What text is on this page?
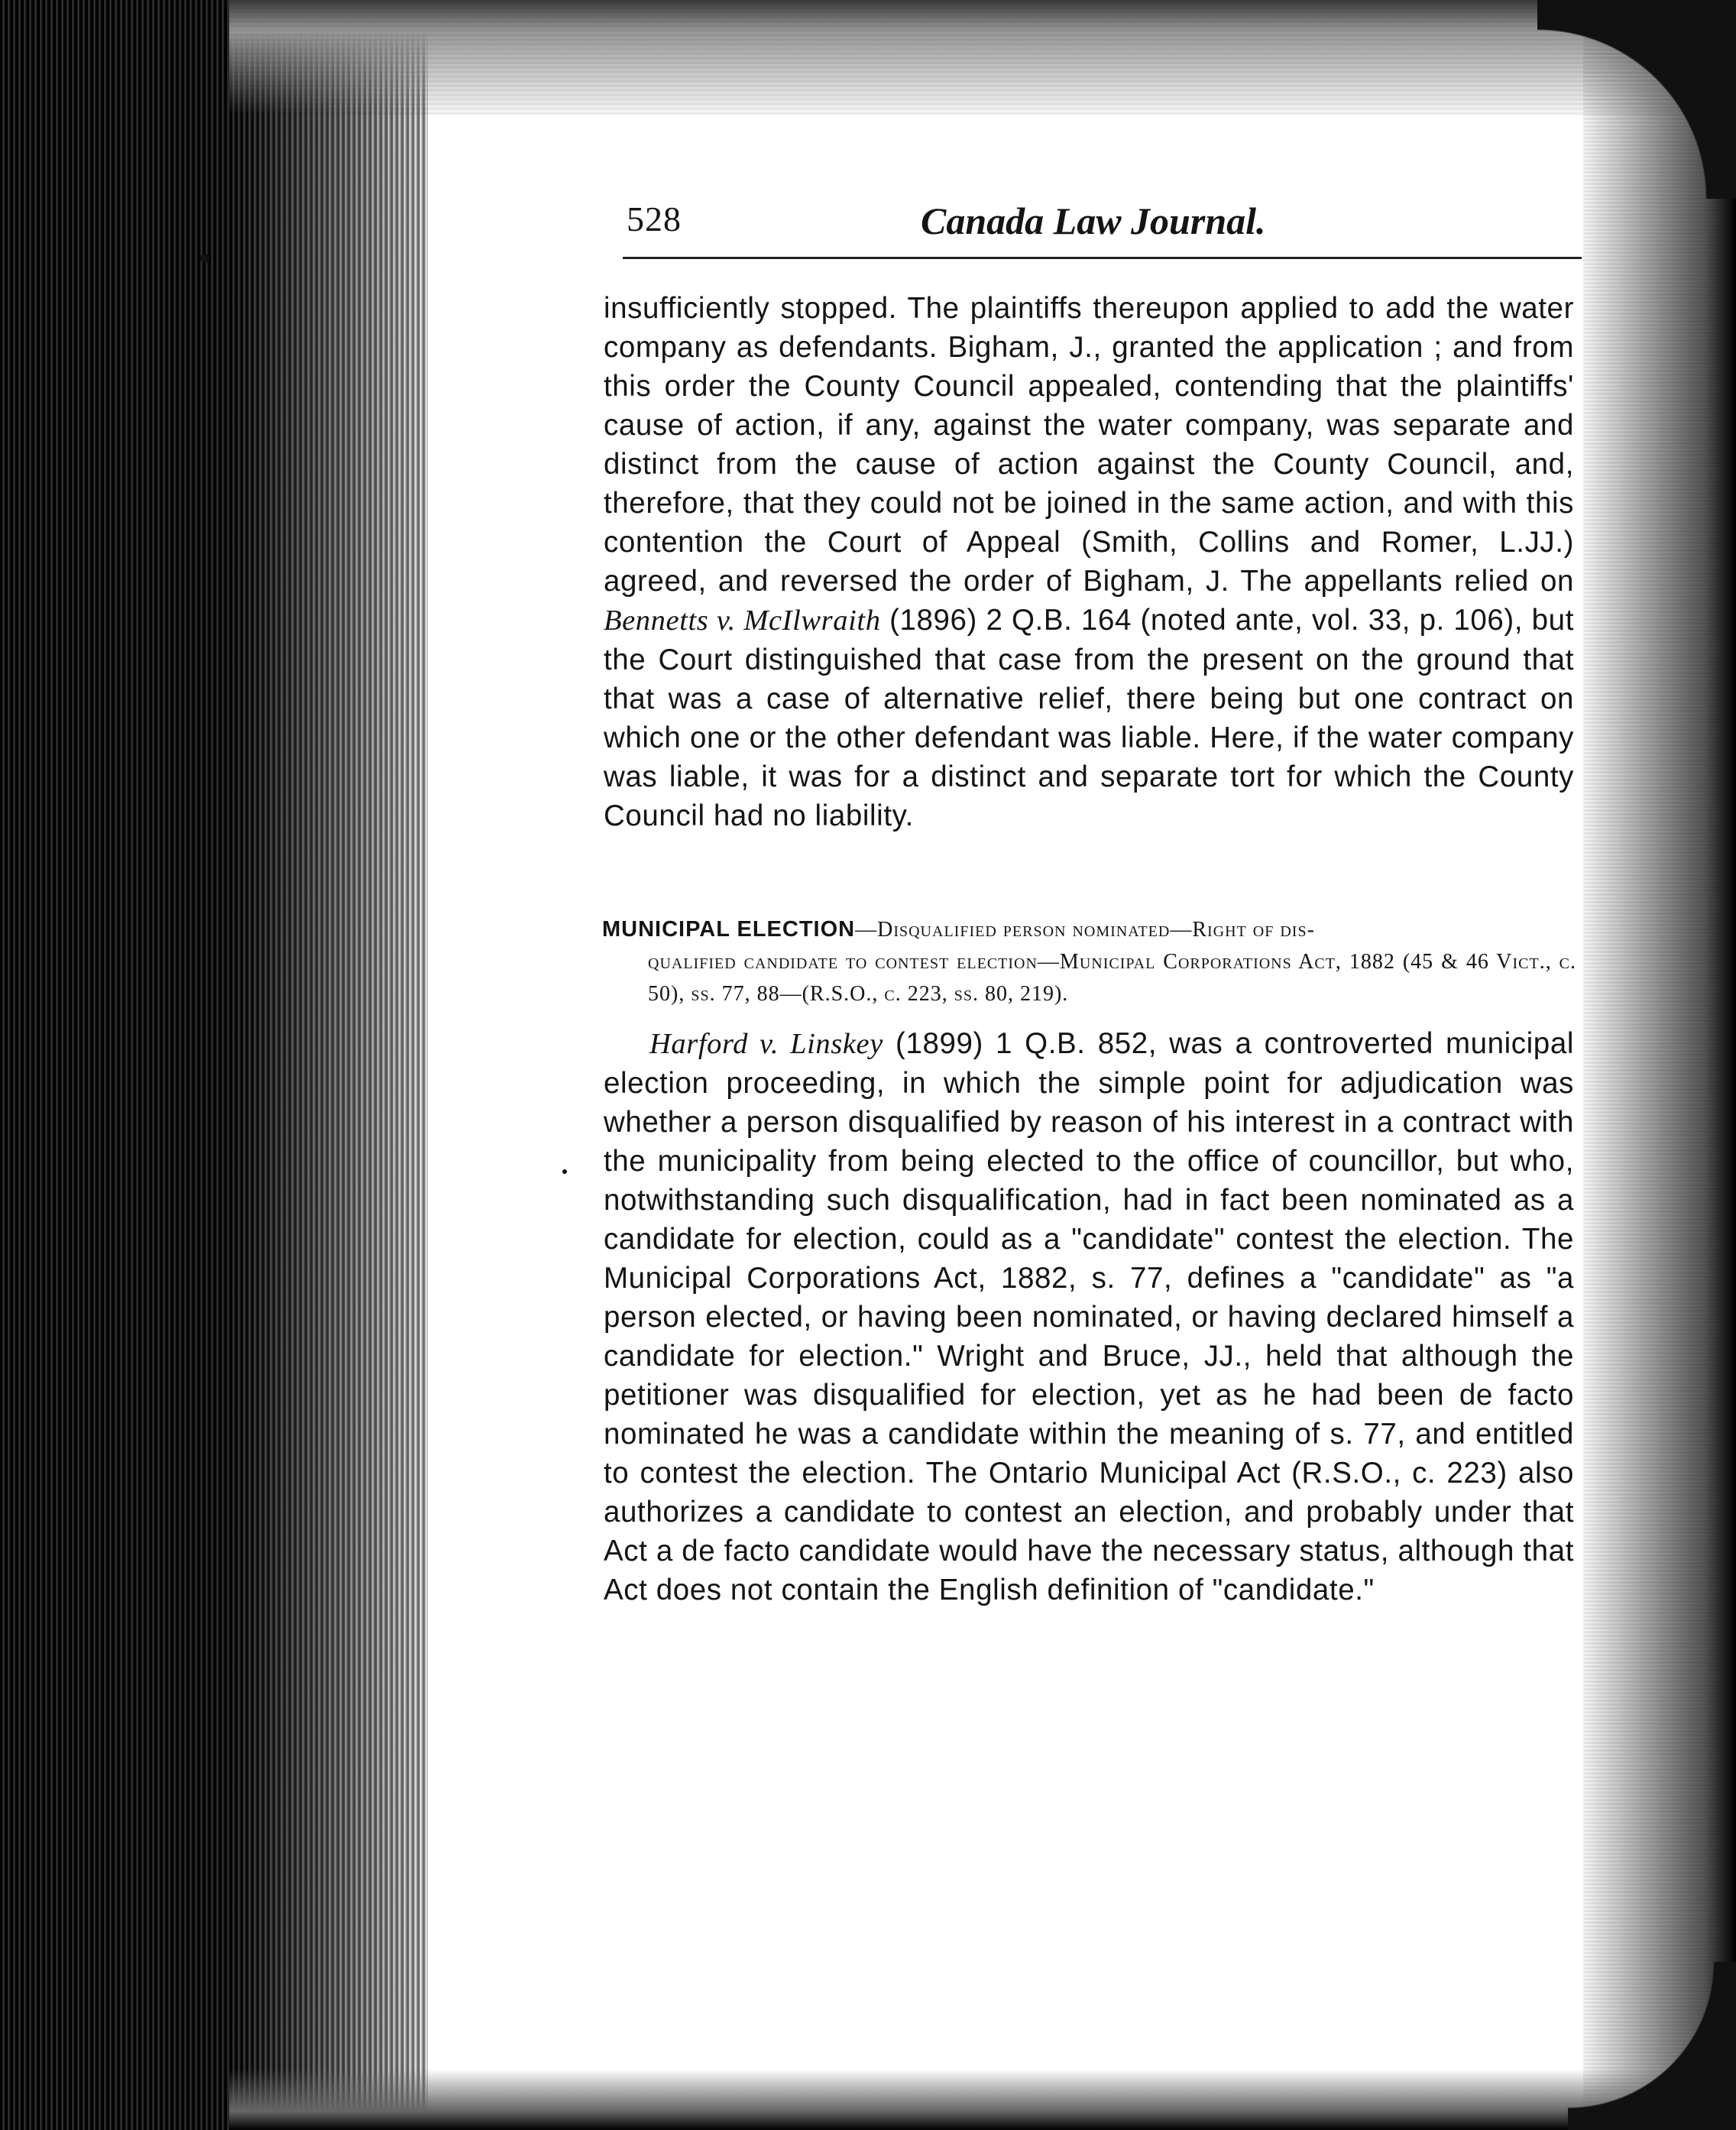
528	Canada Law Journal.

insufficiently stopped. The plaintiffs thereupon applied to add the water company as defendants. Bigham, J., granted the application ; and from this order the County Council appealed, contending that the plaintiffs' cause of action, if any, against the water company, was separate and distinct from the cause of action against the County Council, and, therefore, that they could not be joined in the same action, and with this contention the Court of Appeal (Smith, Collins and Romer, L.JJ.) agreed, and reversed the order of Bigham, J. The appellants relied on Bennetts v. McIlwraith (1896) 2 Q.B. 164 (noted ante, vol. 33, p. 106), but the Court distinguished that case from the present on the ground that that was a case of alternative relief, there being but one contract on which one or the other defendant was liable. Here, if the water company was liable, it was for a distinct and separate tort for which the County Council had no liability.

MUNICIPAL ELECTION—Disqualified person nominated—Right of dis-
qualified candidate to contest election—Municipal Corporations Act, 1882 (45 & 46 Vict., c. 50), ss. 77, 88—(R.S.O., c. 223, ss. 80, 219).

Harford v. Linskey (1899) 1 Q.B. 852, was a controverted municipal election proceeding, in which the simple point for adjudication was whether a person disqualified by reason of his interest in a contract with the municipality from being elected to the office of councillor, but who, notwithstanding such disqualification, had in fact been nominated as a candidate for election, could as a "candidate" contest the election. The Municipal Corporations Act, 1882, s. 77, defines a "candidate" as "a person elected, or having been nominated, or having declared himself a candidate for election." Wright and Bruce, JJ., held that although the petitioner was disqualified for election, yet as he had been de facto nominated he was a candidate within the meaning of s. 77, and entitled to contest the election. The Ontario Municipal Act (R.S.O., c. 223) also authorizes a candidate to contest an election, and probably under that Act a de facto candidate would have the necessary status, although that Act does not contain the English definition of "candidate."
